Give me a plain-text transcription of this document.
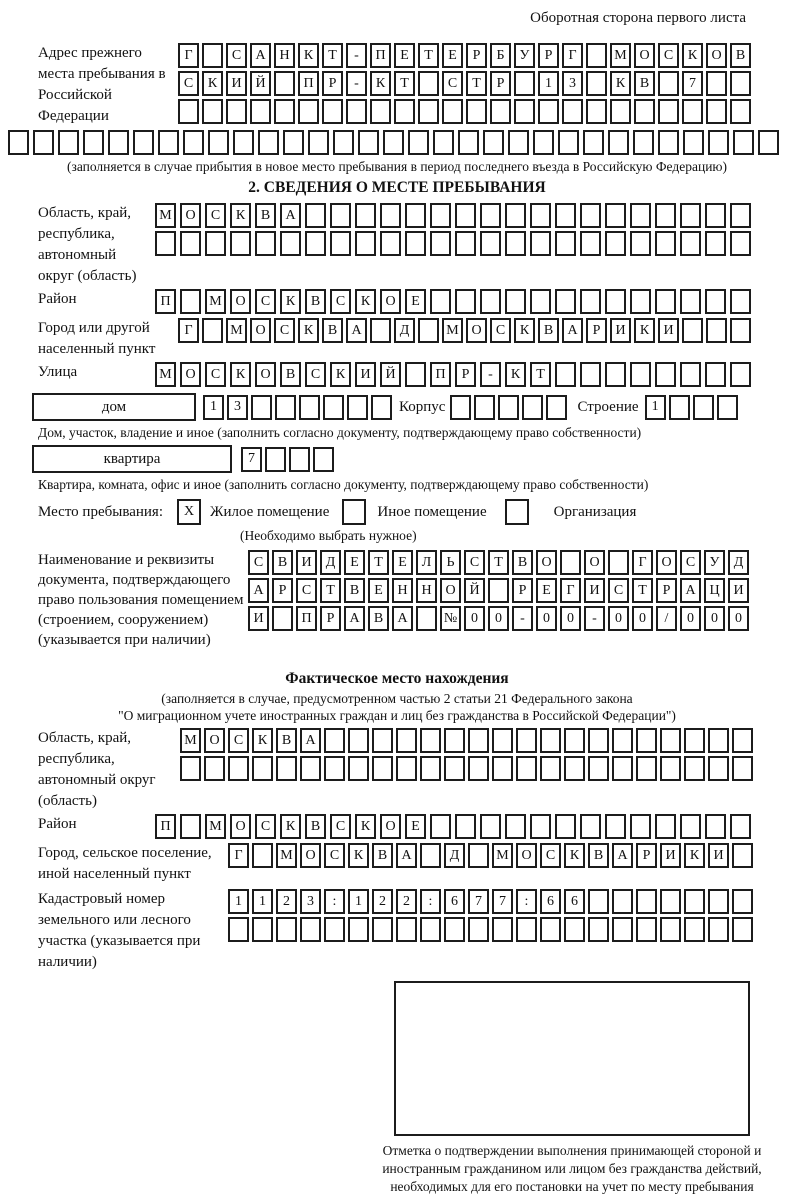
Оборотная сторона первого листа
Адрес прежнего места пребывания в Российской Федерации
Г	С	А Н	К	Т	-	П	Е	Т	Е	Р	Б	У	Р	Г	М О	С	К	О	В
С	К	И Й	П	Р	-	К	Т	С	Т	Р	1	3	К	В	7
(заполняется в случае прибытия в новое место пребывания в период последнего въезда в Российскую Федерацию)
2. СВЕДЕНИЯ О МЕСТЕ ПРЕБЫВАНИЯ
Область, край, республика, автономный округ (область)
М О	С	К	В	А
Район	П	М О	С	К	В	С	К	О	Е
Город или другой населенный пункт
Г	М О	С	К	В	А	Д	М О	С	К	В	А	Р	И	К	И
Улица	М О	С	К	О	В	С	К	И	Й	П	Р	-	К	Т
дом	1	3	Корпус	Строение 1
Дом, участок, владение и иное (заполнить согласно документу, подтверждающему право собственности)
квартира	7
Квартира, комната, офис и иное (заполнить согласно документу, подтверждающему право собственности)
Место пребывания:	X	Жилое помещение	Иное помещение	Организация
(Необходимо выбрать нужное)
Наименование и реквизиты документа, подтверждающего право пользования помещением (строением, сооружением) (указывается при наличии)
С	В	И	Д	Е	Т	Е	Л	Ь	С	Т	В	О	О	Г	О	С	У	Д
А	Р	С	Т	В	Е	Н Н О Й	Р	Е	Г	И	С	Т	Р	А Ц И
И	П	Р	А	В	А	№ 0	0	-	0	0	-	0	0	/	0	0	0
Фактическое место нахождения
(заполняется в случае, предусмотренном частью 2 статьи 21 Федерального закона
"О миграционном учете иностранных граждан и лиц без гражданства в Российской Федерации")
Область, край, республика, автономный округ (область)
М О	С	К	В	А
Район	П	М О	С	К	В	С	К	О	Е
Город, сельское поселение, иной населенный пункт
Г	М О	С	К	В	А	Д	М О	С	К	В	А	Р	И	К	И
Кадастровый номер земельного или лесного участка (указывается при наличии)
1	1	2	3	:	1	2	2	:	6	7	7	:	6	6
Отметка о подтверждении выполнения принимающей стороной и иностранным гражданином или лицом без гражданства действий, необходимых для его постановки на учет по месту пребывания
